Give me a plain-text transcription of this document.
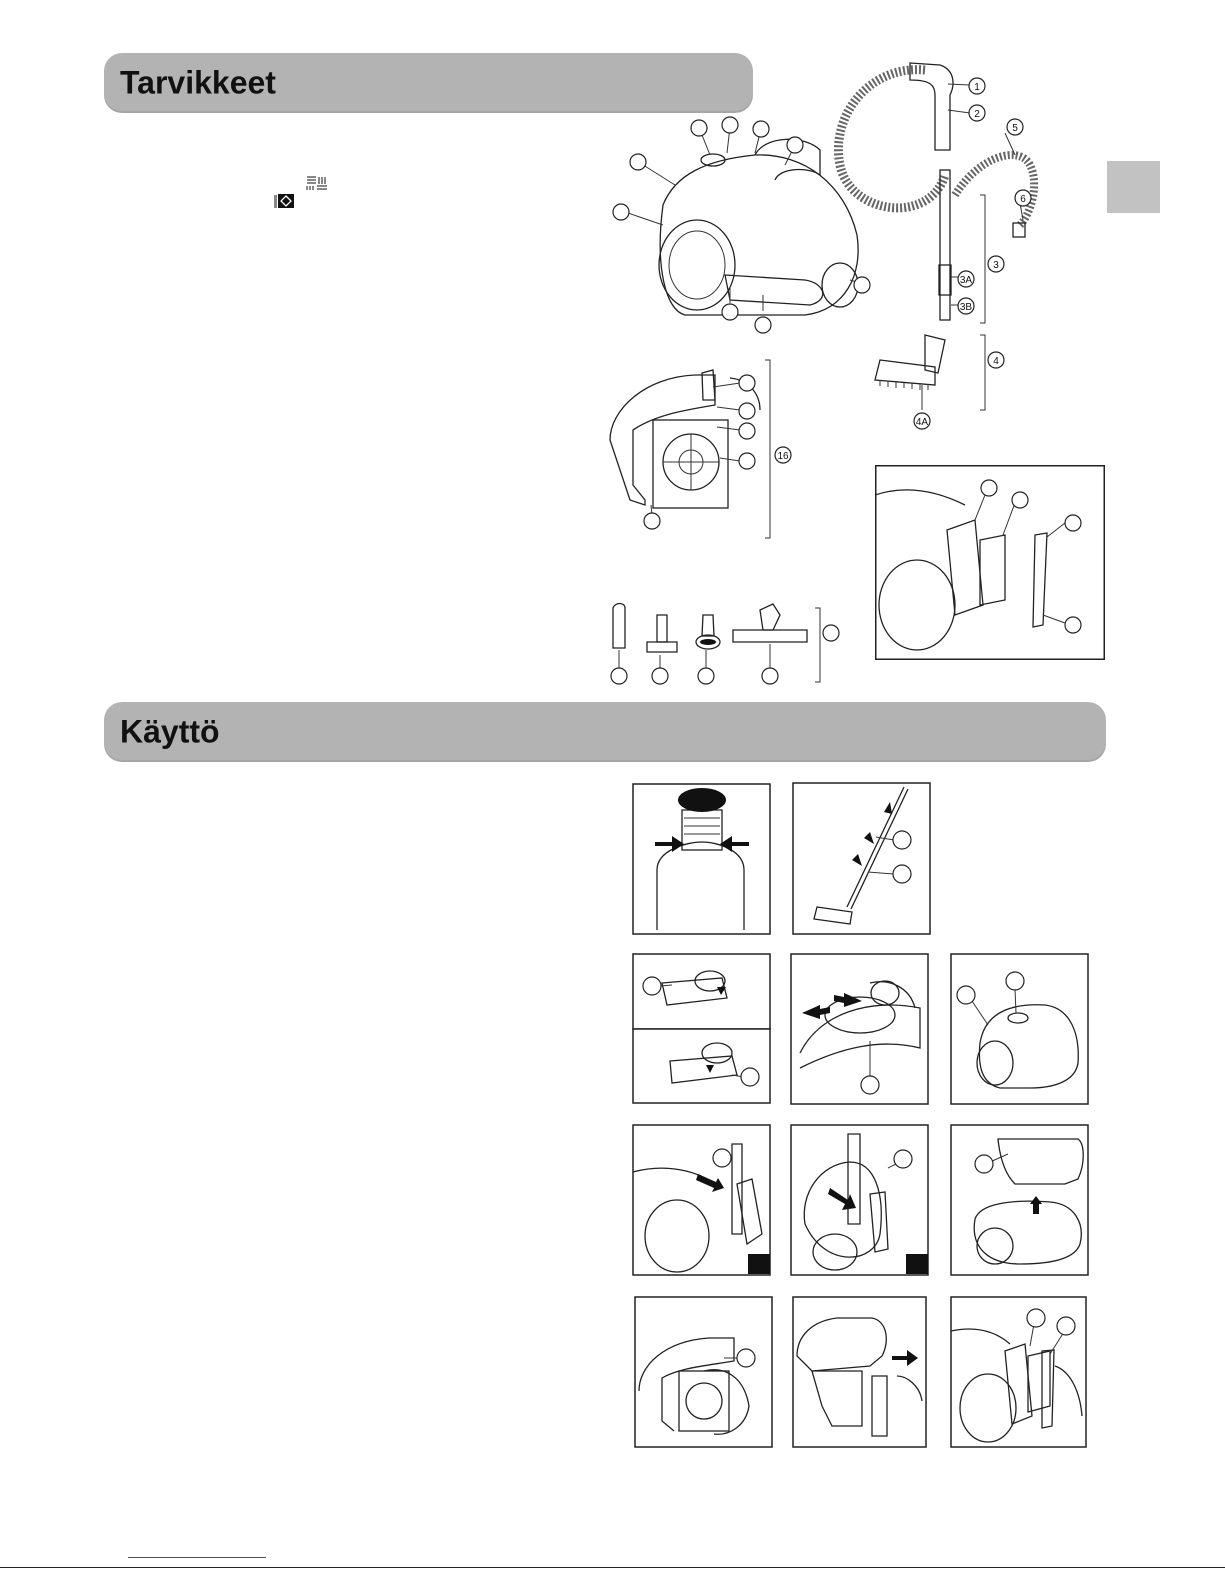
Tarvikkeet
Käyttö
1
2
5
6
3
3A
3B
4
4A
16
